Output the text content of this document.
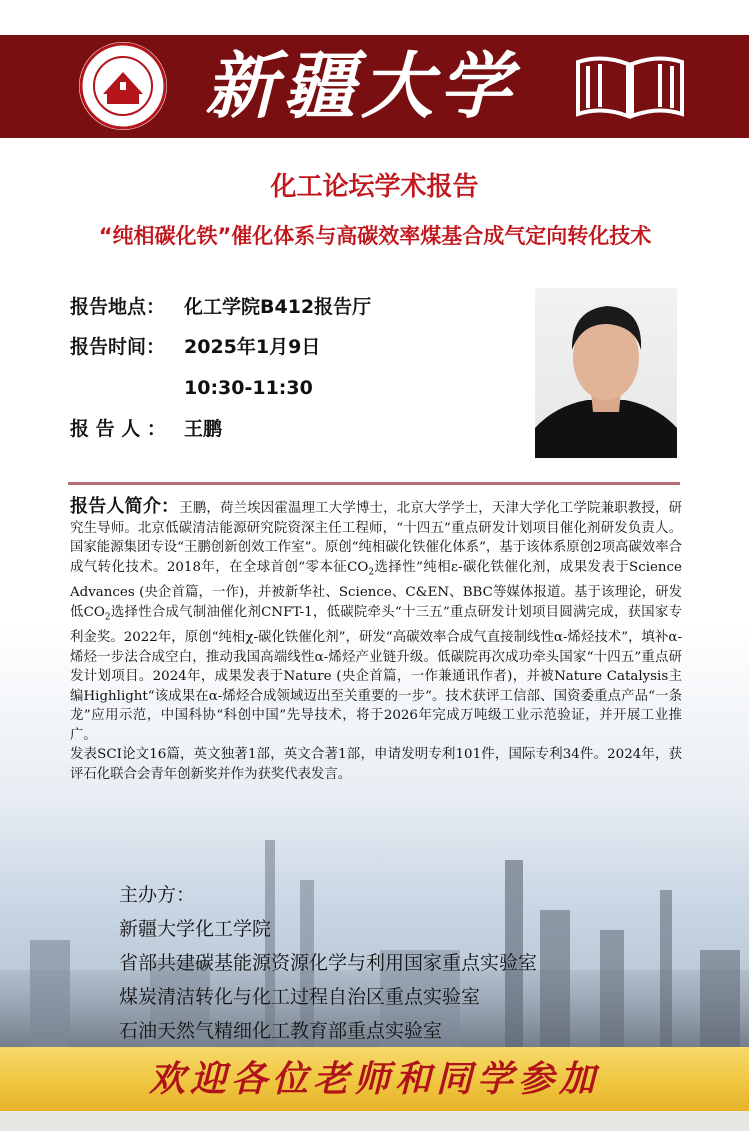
新疆大学
化工论坛学术报告
“纯相碳化铁”催化体系与高碳效率煤基合成气定向转化技术
报告地点： 化工学院B412报告厅
报告时间： 2025年1月9日
10:30-11:30
报 告 人 ： 王鹏
报告人简介：王鹏，荷兰埃因霍温理工大学博士，北京大学学士，天津大学化工学院兼职教授，研究生导师。北京低碳清洁能源研究院资深主任工程师，“十四五”重点研发计划项目催化剂研发负责人。国家能源集团专设“王鹏创新创效工作室”。原创“纯相碳化铁催化体系”，基于该体系原创2项高碳效率合成气转化技术。2018年，在全球首创“零本征$CO_2$选择性”纯相ε-碳化铁催化剂，成果发表于Science Advances (央企首篇，一作)，并被新华社、Science、C&EN、BBC等媒体报道。基于该理论，研发低$CO_2$选择性合成气制油催化剂CNFT-1，低碳院牵头“十三五”重点研发计划项目圆满完成，获国家专利金奖。2022年，原创“纯相χ-碳化铁催化剂”，研发“高碳效率合成气直接制线性α-烯烃技术”，填补α-烯烃一步法合成空白，推动我国高端线性α-烯烃产业链升级。低碳院再次成功牵头国家“十四五”重点研发计划项目。2024年，成果发表于Nature (央企首篇，一作兼通讯作者)，并被Nature Catalysis主编Highlight“该成果在α-烯烃合成领域迈出至关重要的一步”。技术获评工信部、国资委重点产品“一条龙”应用示范，中国科协“科创中国”先导技术，将于2026年完成万吨级工业示范验证，并开展工业推广。
发表SCI论文16篇，英文独著1部，英文合著1部，申请发明专利101件，国际专利34件。2024年，获评石化联合会青年创新奖并作为获奖代表发言。
主办方：
新疆大学化工学院
省部共建碳基能源资源化学与利用国家重点实验室
煤炭清洁转化与化工过程自治区重点实验室
石油天然气精细化工教育部重点实验室
欢迎各位老师和同学参加
